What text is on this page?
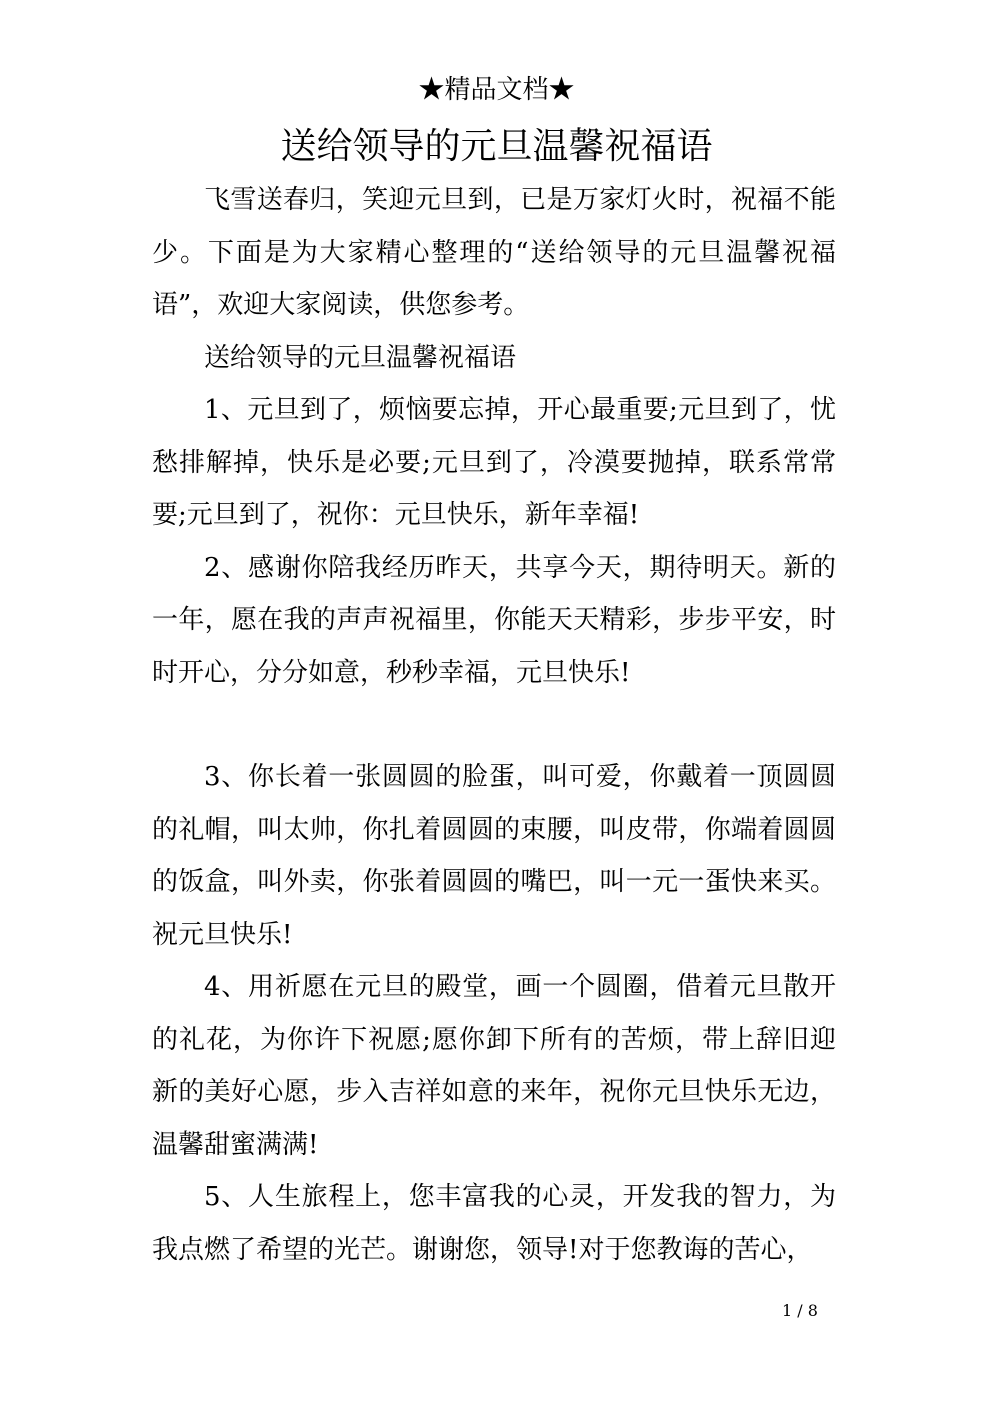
★精品文档★
送给领导的元旦温馨祝福语

飞雪送春归，笑迎元旦到，已是万家灯火时，祝福不能少。下面是为大家精心整理的“送给领导的元旦温馨祝福语”，欢迎大家阅读，供您参考。

送给领导的元旦温馨祝福语

1、元旦到了，烦恼要忘掉，开心最重要;元旦到了，忧愁排解掉，快乐是必要;元旦到了，冷漠要抛掉，联系常常要;元旦到了，祝你：元旦快乐，新年幸福!

2、感谢你陪我经历昨天，共享今天，期待明天。新的一年，愿在我的声声祝福里，你能天天精彩，步步平安，时时开心，分分如意，秒秒幸福，元旦快乐!

3、你长着一张圆圆的脸蛋，叫可爱，你戴着一顶圆圆的礼帽，叫太帅，你扎着圆圆的束腰，叫皮带，你端着圆圆的饭盒，叫外卖，你张着圆圆的嘴巴，叫一元一蛋快来买。祝元旦快乐!

4、用祈愿在元旦的殿堂，画一个圆圈，借着元旦散开的礼花，为你许下祝愿;愿你卸下所有的苦烦，带上辞旧迎新的美好心愿，步入吉祥如意的来年，祝你元旦快乐无边，温馨甜蜜满满!

5、人生旅程上，您丰富我的心灵，开发我的智力，为我点燃了希望的光芒。谢谢您，领导!对于您教诲的苦心，

1 / 8
